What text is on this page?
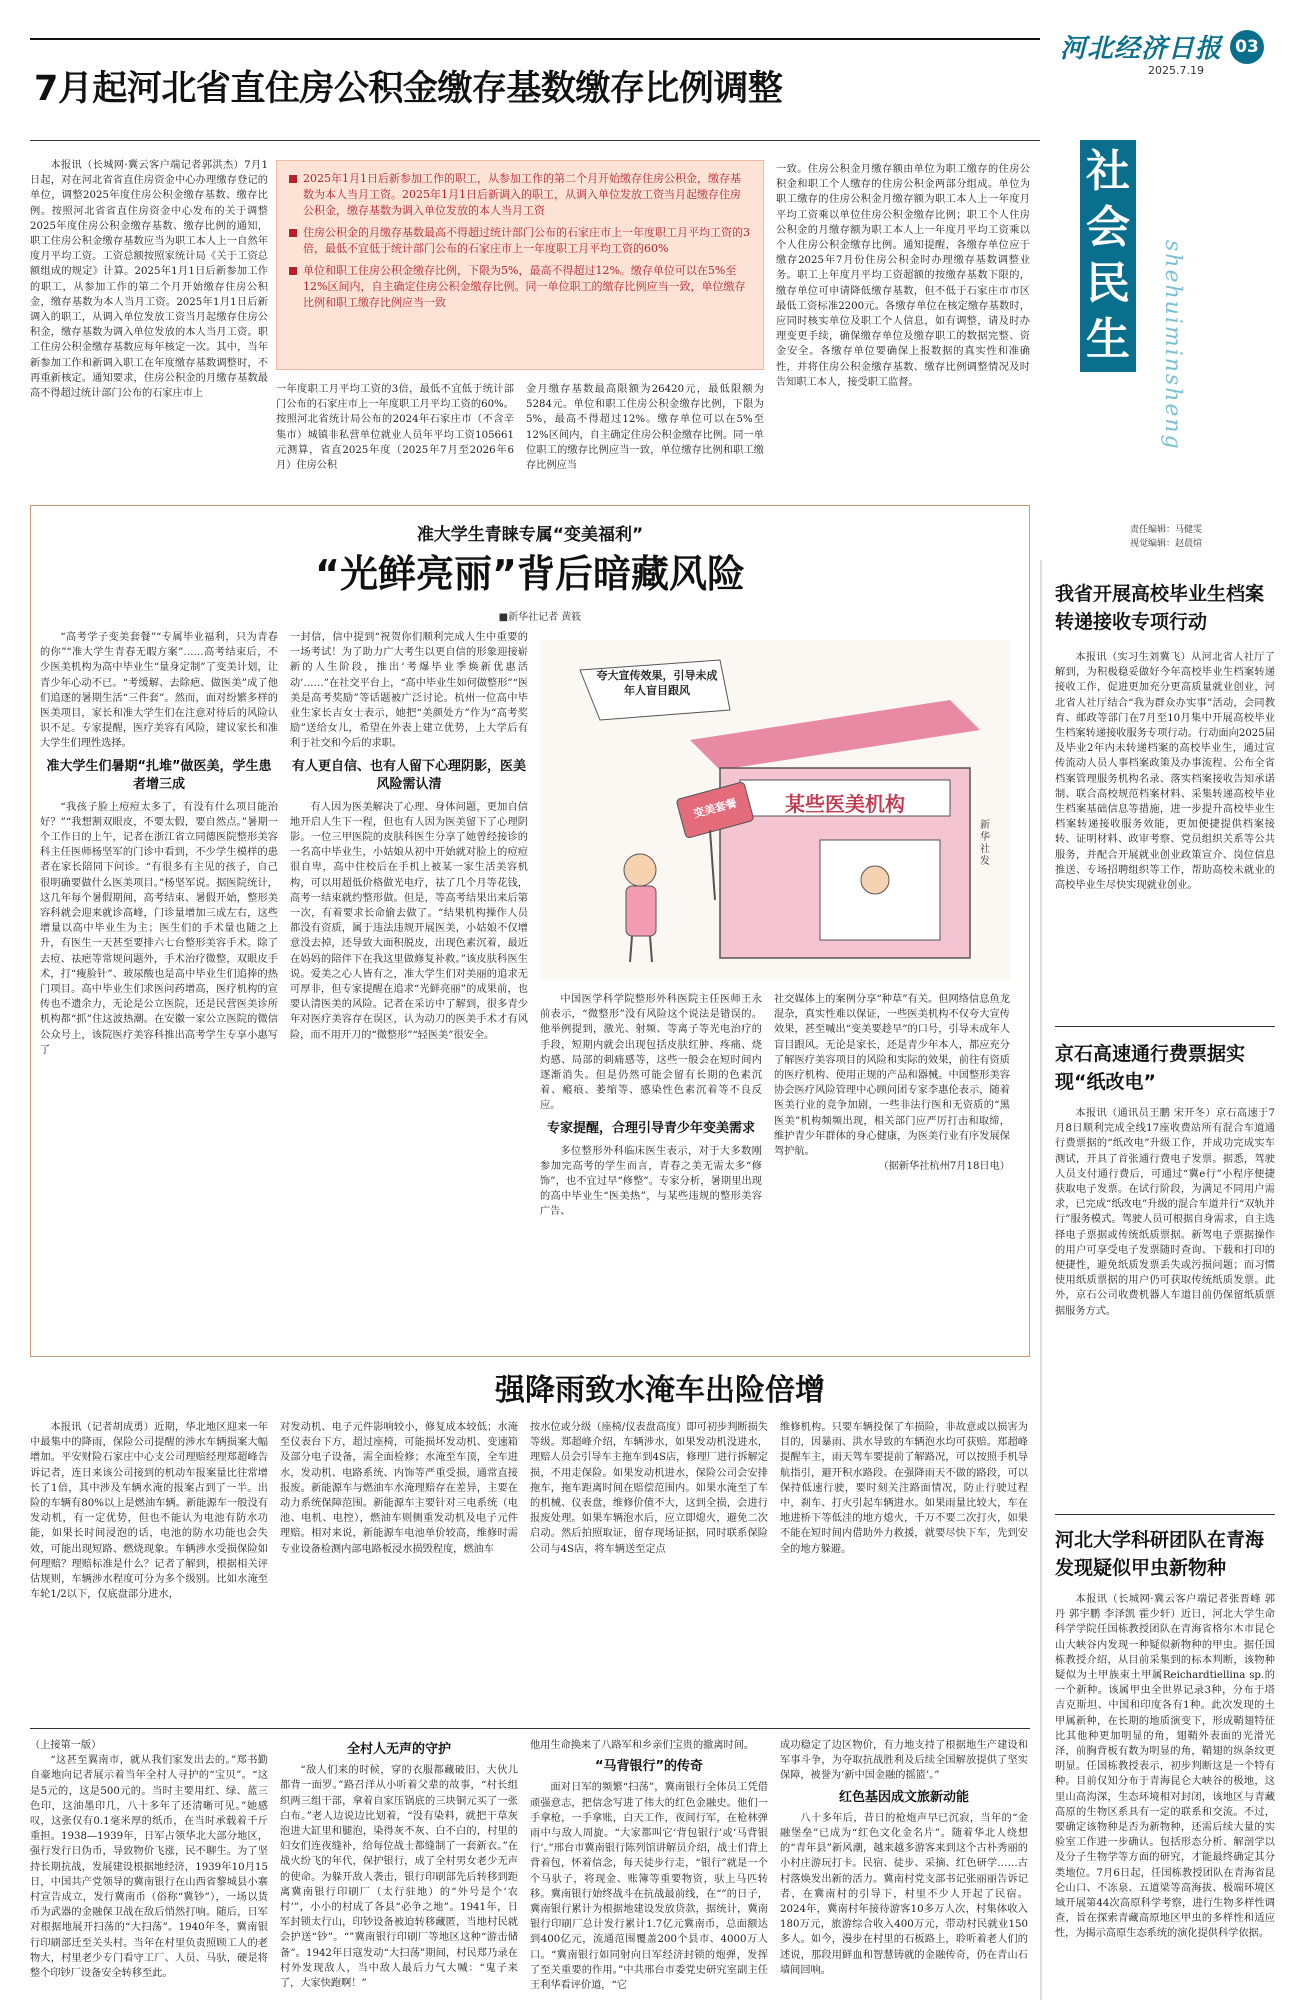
河北经济日报 03
2025.7.19
7月起河北省直住房公积金缴存基数缴存比例调整

本报讯（长城网·冀云客户端记者郭洪杰）7月1日起，对在河北省省直住房资金中心办理缴存登记的单位，调整2025年度住房公积金缴存基数、缴存比例。按照河北省省直住房资金中心发布的关于调整2025年度住房公积金缴存基数、缴存比例的通知，职工住房公积金缴存基数应当为职工本人上一自然年度月平均工资。工资总额按照家统计局《关于工资总额组成的规定》计算。2025年1月1日后新参加工作的职工，从参加工作的第二个月开始缴存住房公积金，缴存基数为本人当月工资。2025年1月1日后新调入的职工，从调入单位发放工资当月起缴存住房公积金，缴存基数为调入单位发放的本人当月工资。职工住房公积金缴存基数应每年核定一次。其中，当年新参加工作和新调入职工在年度缴存基数调整时，不再重新核定。通知要求，住房公积金的月缴存基数最高不得超过统计部门公布的石家庄市上

2025年1月1日后新参加工作的职工，从参加工作的第二个月开始缴存住房公积金，缴存基数为本人当月工资。2025年1月1日后新调入的职工，从调入单位发放工资当月起缴存住房公积金，缴存基数为调入单位发放的本人当月工资
住房公积金的月缴存基数最高不得超过统计部门公布的石家庄市上一年度职工月平均工资的3倍，最低不宜低于统计部门公布的石家庄市上一年度职工月平均工资的60%
单位和职工住房公积金缴存比例，下限为5%，最高不得超过12%。缴存单位可以在5%至12%区间内，自主确定住房公积金缴存比例。同一单位职工的缴存比例应当一致，单位缴存比例和职工缴存比例应当一致

一年度职工月平均工资的3倍，最低不宜低于统计部门公布的石家庄市上一年度职工月平均工资的60%。按照河北省统计局公布的2024年石家庄市（不含辛集市）城镇非私营单位就业人员年平均工资105661元测算，省直2025年度（2025年7月至2026年6月）住房公积

金月缴存基数最高限额为26420元，最低限额为5284元。单位和职工住房公积金缴存比例，下限为5%，最高不得超过12%。缴存单位可以在5%至12%区间内，自主确定住房公积金缴存比例。同一单位职工的缴存比例应当一致，单位缴存比例和职工缴存比例应当

一致。住房公积金月缴存额由单位为职工缴存的住房公积金和职工个人缴存的住房公积金两部分组成。单位为职工缴存的住房公积金月缴存额为职工本人上一年度月平均工资乘以单位住房公积金缴存比例；职工个人住房公积金的月缴存额为职工本人上一年度月平均工资乘以个人住房公积金缴存比例。通知提醒，各缴存单位应于缴存2025年7月份住房公积金时办理缴存基数调整业务。职工上年度月平均工资超额的按缴存基数下限的，缴存单位可申请降低缴存基数，但不低于石家庄市市区最低工资标准2200元。各缴存单位在核定缴存基数时，应同时核实单位及职工个人信息，如有调整，请及时办理变更手续，确保缴存单位及缴存职工的数据完整、资金安全。各缴存单位要确保上报数据的真实性和准确性，并将住房公积金缴存基数、缴存比例调整情况及时告知职工本人，接受职工监督。

社会民生 shehuiminsheng
责任编辑：马健雯
视觉编辑：赵晨煊
准大学生青睐专属“变美福利”
“光鲜亮丽”背后暗藏风险
■新华社记者 黄筱

“高考学子变美套餐”“专属毕业福利，只为青春的你”“准大学生青春无暇方案”……高考结束后，不少医美机构为高中毕业生“量身定制”了变美计划，让青少年心动不已。“考缓解、去除疤、做医美”成了他们追逐的暑期生活“三件套”。然而，面对纷繁多样的医美项目，家长和准大学生们在注意对待后的风险认识不足。专家提醒，医疗美容有风险，建议家长和准大学生们理性选择。

准大学生们暑期“扎堆”做医美，学生患者增三成

“我孩子脸上痘痘太多了，有没有什么项目能治好？”“我想割双眼皮，不要太假，要自然点。”暑期一个工作日的上午，记者在浙江省立同德医院整形美容科主任医师杨坚军的门诊中看到，不少学生模样的患者在家长陪同下问诊。“有很多有主见的孩子，自己很明确要做什么医美项目。”杨坚军说。据医院统计，这几年每个暑假期间，高考结束、暑假开始，整形美容科就会迎来就诊高峰，门诊量增加三成左右，这些增量以高中毕业生为主；医生们的手术量也随之上升，有医生一天甚至要排六七台整形美容手术。除了去痘、祛疤等常规问题外，手术治疗微整，双眼皮手术，打“瘦脸针”、玻尿酸也是高中毕业生们追捧的热门项目。高中毕业生们求医问药增高，医疗机构的宣传也不遗余力，无论是公立医院，还是民营医美诊所机构都“抓”住这波热潮。在安徽一家公立医院的微信公众号上，该院医疗美容科推出高考学生专享小惠写了

一封信，信中提到“祝贺你们顺利完成人生中重要的一场考试！为了助力广大考生以更自信的形象迎接崭新的人生阶段，推出‘考爆毕业季焕新优惠活动’……”在社交平台上，“高中毕业生如何做整形”“医美是高考奖励”等话题被广泛讨论。杭州一位高中毕业生家长吉女士表示，她把“美颜处方”作为“高考奖励”送给女儿，希望在外表上建立优势，上大学后有利于社交和今后的求职。

有人更自信、也有人留下心理阴影，医美风险需认清

有人因为医美解决了心理、身体问题，更加自信地开启人生下一程，但也有人因为医美留下了心理阴影。一位三甲医院的皮肤科医生分享了她曾经接诊的一名高中毕业生，小姑娘从初中开始就对脸上的痘痘很自卑，高中住校后在手机上被某一家生活美容机构，可以用超低价格做光电疗，祛了几个月等花钱，高考一结束就约整形做。但是，等高考结果出来后第一次，有着要求长命偷去做了。“结果机构操作人员都没有资质，属于违法违规开展医美，小姑娘不仅增意没去掉，还导致大面积脱皮，出现色素沉着，最近在妈妈的陪伴下在我这里做修复补救。”该皮肤科医生说。爱美之心人皆有之，准大学生们对美丽的追求无可厚非，但专家提醒在追求“光鲜亮丽”的成果前，也要认清医美的风险。记者在采访中了解到，很多青少年对医疗美容存在误区，认为动刀的医美手术才有风险，而不用开刀的“微整形”“轻医美”很安全。

夸大宣传效果，引导未成年人盲目跟风
某些医美机构
变美套餐
新华社发

中国医学科学院整形外科医院主任医师王永前表示，“微整形”没有风险这个说法是错误的。他举例提到，激光、射频、等离子等光电治疗的手段，短期内就会出现包括皮肤红肿、疼痛、烧灼感、局部的刺痛感等，这些一般会在短时间内逐渐消失。但是仍然可能会留有长期的色素沉着、瘢痕、萎缩等、感染性色素沉着等不良反应。

专家提醒，合理引导青少年变美需求

多位整形外科临床医生表示，对于大多数刚参加完高考的学生而言，青春之美无需太多“修饰”，也不宜过早“修整”。专家分析，暑期里出现的高中毕业生“医美热”，与某些违规的整形美容广告、

社交媒体上的案例分享“种草”有关。但网络信息鱼龙混杂，真实性难以保证，一些医美机构不仅夸大宣传效果，甚至喊出“变美要趁早”的口号，引导未成年人盲目跟风。无论是家长，还是青少年本人，都应充分了解医疗美容项目的风险和实际的效果，前往有资质的医疗机构、使用正规的产品和器械。中国整形美容协会医疗风险管理中心顾问团专家李惠伦表示，随着医美行业的竞争加剧，一些非法行医和无资质的“黑医美”机构频频出现，相关部门应严厉打击和取缔，维护青少年群体的身心健康，为医美行业有序发展保驾护航。

（据新华社杭州7月18日电）
我省开展高校毕业生档案转递接收专项行动

本报讯（实习生刘冀飞）从河北省人社厅了解到，为积极稳妥做好今年高校毕业生档案转递接收工作，促进更加充分更高质量就业创业，河北省人社厅结合“我为群众办实事”活动，会同教育、邮政等部门在7月至10月集中开展高校毕业生档案转递接收服务专项行动。行动面向2025届及毕业2年内未转递档案的高校毕业生，通过宣传流动人员人事档案政策及办事流程、公布全省档案管理服务机构名录、落实档案接收告知承诺制、联合高校规范档案材料、采集转递高校毕业生档案基础信息等措施，进一步提升高校毕业生档案转递接收服务效能，更加便捷提供档案接转、证明材料、政审考察、党员组织关系等公共服务，并配合开展就业创业政策宣介、岗位信息推送、专场招聘组织等工作，帮助高校未就业的高校毕业生尽快实现就业创业。

京石高速通行费票据实现“纸改电”

本报讯（通讯员王鹏 宋开冬）京石高速于7月8日顺利完成全线17座收费站所有混合车道通行费票据的“纸改电”升级工作，并成功完成实车测试，开具了首张通行费电子发票。据悉，驾驶人员支付通行费后，可通过“冀e行”小程序便捷获取电子发票。在试行阶段，为满足不同用户需求，已完成“纸改电”升级的混合车道并行“双轨并行”服务模式。驾驶人员可根据自身需求，自主选择电子票据或传统纸质票据。新驾电子票据操作的用户可享受电子发票随时查询、下载和打印的便捷性，避免纸质发票丢失或污损问题；而习惯使用纸质票据的用户仍可获取传统纸质发票。此外，京石公司收费机器人车道目前仍保留纸质票据服务方式。

河北大学科研团队在青海发现疑似甲虫新物种

本报讯（长城网·冀云客户端记者张晋峰 郭丹 郭宇鹏 李泽凯 霍少轩）近日，河北大学生命科学学院任国栋教授团队在青海省格尔木市昆仑山大峡谷内发现一种疑似新物种的甲虫。据任国栋教授介绍，从目前采集到的标本判断，该物种疑似为土甲族束土甲属Reichardtiellina sp.的一个新种。该属甲虫全世界记录3种，分布于塔吉克斯坦、中国和印度各有1种。此次发现的土甲属新种，在长期的地质演变下，形成鞘翅特征比其他种更加明显的角，翅鞘外表面的光滑光泽，前胸背板有数为明显的角，鞘翅的纵条纹更明显。任国栋教授表示，初步判断这是一个特有种。目前仅知分布于青海昆仑大峡谷的极地，这里山高沟深，生态环境相对封闭，该地区与青藏高原的生物区系具有一定的联系和交流。不过，要确定该物种是否为新物种，还需后续大量的实验室工作进一步确认。包括形态分析、解剖学以及分子生物学等方面的研究，才能最终确定其分类地位。7月6日起，任国栋教授团队在青海省昆仑山口、不冻泉、五道梁等高海拔、极端环境区域开展第44次高原科学考察，进行生物多样性调查，旨在探索青藏高原地区甲虫的多样性和适应性，为揭示高原生态系统的演化提供科学依据。

强降雨致水淹车出险倍增

本报讯（记者胡成勇）近期，华北地区迎来一年中最集中的降雨，保险公司提醒的涉水车辆损案大幅增加。平安财险石家庄中心支公司理赔经理郑超峰告诉记者，连日来该公司接到的机动车报案量比往常增长了1倍，其中涉及车辆水淹的报案占到了一半。出险的车辆有80%以上是燃油车辆。新能源车一般没有发动机，有一定优势，但也不能认为电池有防水功能，如果长时间浸泡的话，电池的防水功能也会失效，可能出现短路、燃烧现象。车辆涉水受损保险如何理赔？理赔标准是什么？记者了解到，根据相关评估规则，车辆涉水程度可分为多个级别。比如水淹至车轮1/2以下，仅底盘部分进水，

对发动机、电子元件影响较小，修复成本较低；水淹至仪表台下方，超过座椅，可能损坏发动机、变速箱及部分电子设备，需全面检修；水淹至车顶，全车进水，发动机、电路系统、内饰等严重受损，通常直接报废。新能源车与燃油车水淹理赔存在差异，主要在动力系统保障范围。新能源车主要针对三电系统（电池、电机、电控），燃油车则侧重发动机及电子元件理赔。相对来说，新能源车电池单价较高，维修时需专业设备检测内部电路板浸水损毁程度，燃油车

按水位或分级（座椅/仪表盘高度）即可初步判断损失等级。郑超峰介绍，车辆涉水，如果发动机没进水，理赔人员会引导车主拖车到4S店，修理厂进行拆解定损，不用走保险。如果发动机进水，保险公司会安排拖车，拖车距离时间在赔偿范围内。如果水淹至了车的机械、仪表盘，维修价值不大，这到全损，会进行报废处理。如果车辆泡水后，应立即熄火，避免二次启动。然后拍照取证，留存现场证据，同时联系保险公司与4S店，将车辆送至定点

维修机构。只要车辆投保了车损险，非故意或以损害为目的，因暴雨、洪水导致的车辆泡水均可获赔。郑超峰提醒车主，雨天驾车要提前了解路况，可以按照手机导航指引，避开积水路段。在强降雨天不做的路段，可以保持低速行驶，要时刻关注路面情况，防止行驶过程中，刹车、打火引起车辆进水。如果雨量比较大，车在地进桥下等低洼的地方熄火，千万不要二次打火，如果不能在短时间内借助外力救援，就要尽快下车，先到安全的地方躲避。

（上接第一版）

“这甚至翼南市，就从我们家发出去的。”郑书勤自豪地向记者展示着当年全村人寻护的“宝贝”。“这是5元的，这是500元的。当时主要用红、绿、蓝三色印，这油墨印几，八十多年了还清晰可见。”她感叹，这张仅有0.1毫米厚的纸币，在当时承载着千斤重担。1938—1939年，日军占领华北大部分地区，强行发行日伪币，导致物价飞涨，民不聊生。为了坚持长期抗战，发展建设根据地经济，1939年10月15日，中国共产党领导的冀南银行在山西省黎城县小寨村宣告成立，发行冀南币（俗称“冀钞”），一场以货币为武器的金融保卫战在敌后悄然打响。随后，日军对根据地展开扫荡的“大扫荡”。1940年冬，冀南银行印刷部迁至关头村。当年在村里负责照顾工人的老物大，村里老少专门看守工厂、人员、马驮，硬是将整个印钞厂设备安全转移至此。

全村人无声的守护

“敌人们来的时候，穿的衣服都藏破旧、大伙儿都背一面罗。”路召洋从小听着父辈的故事，“村长组织两三组干部，拿着自家压锅底的三块铜元买了一张白布。”老人边说边比划着，“没有染料，就把干草灰泡进大缸里和腿泡，染得灰不灰、白不白的，村里的妇女们连夜缝补，给每位战士都缝制了一套新衣。”在战火纷飞的年代，保护银行，成了全村男女老少无声的使命。为躲开敌人袭击，银行印刷部先后转移到距离冀南银行印刷厂（太行驻地）的“外号是个‘农村’”，小小的村成了各县“必争之地”。1941年，日军封锁太行山，印钞设备被迫转移藏匿，当地村民就会护送“钞”。“”冀南银行印刷厂等地区这种“游击储备”。1942年日寇发动“大扫荡”期间，村民郑乃录在村外发现敌人，当中敌人最后力气大喊：“鬼子来了，大家快跑啊！”

他用生命换来了八路军和乡亲们宝贵的撤离时间。

“马背银行”的传奇

面对日军的频繁“扫荡”，冀南银行全体员工凭借顽强意志，把信念写进了伟大的红色金融史。他们一手拿枪，一手拿账，白天工作，夜间行军，在枪林弹雨中与敌人周旋。“大家都叫它‘背包银行’或‘马背银行’。”邢台市冀南银行陈列馆讲解员介绍，战士们背上背着包，怀着信念，每天徒步行走，“银行”就是一个个马驮子，将现金、账簿等重要物资，驮上马匹转移。冀南银行始终战斗在抗战最前线，在“”的日子，冀南银行累计为根据地建设发放贷款，据统计，冀南银行印刷厂总计发行累计1.7亿元冀南币，总面额达到400亿元，流通范围覆盖200个县市、4000万人口。“冀南银行如同射向日军经济封锁的炮弹，发挥了至关重要的作用。”中共邢台市委党史研究室副主任王利华看评价道，“它

成功稳定了边区物价，有力地支持了根据地生产建设和军事斗争，为夺取抗战胜利及后续全国解放提供了坚实保障，被誉为‘新中国金融的摇篮’。”

红色基因成文旅新动能

八十多年后，昔日的枪炮声早已沉寂，当年的“金融堡垒”已成为“红色文化金名片”。随着华北人绕想的“青年县”新风潮，越来越多游客来到这个古朴秀丽的小村庄游玩打卡。民宿、徒步、采摘、红色研学……古村落焕发出新的活力。冀南村党支部书记张丽丽告诉记者，在冀南村的引导下，村里不少人开起了民宿。2024年，冀南村年接待游客10多万人次，村集体收入180万元，旅游综合收入400万元，带动村民就业150多人。如今，漫步在村里的石板路上，聆听着老人们的述说，那段用鲜血和智慧铸就的金融传奇，仍在青山石墙间回响。
